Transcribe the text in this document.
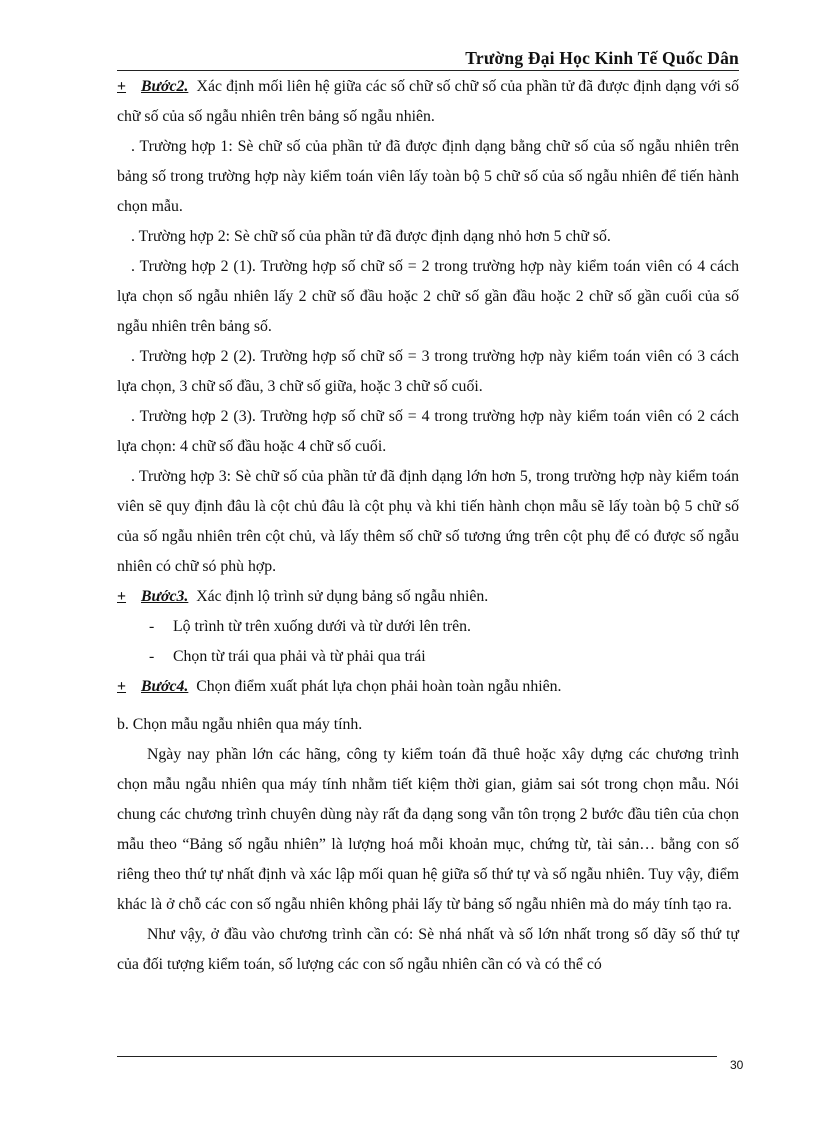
Trường Đại Học Kinh Tế Quốc Dân

+ Bước2. Xác định mối liên hệ giữa các số chữ số chữ số của phần tử đã được định dạng với số chữ số của số ngẫu nhiên trên bảng số ngẫu nhiên.

. Trường hợp 1: Sè chữ số của phần tử đã được định dạng bằng chữ số của số ngẫu nhiên trên bảng số trong trường hợp này kiểm toán viên lấy toàn bộ 5 chữ số của số ngẫu nhiên để tiến hành chọn mẫu.

. Trường hợp 2: Sè chữ số của phần tử đã được định dạng nhỏ hơn 5 chữ số.

. Trường hợp 2 (1). Trường hợp số chữ số = 2 trong trường hợp này kiểm toán viên có 4 cách lựa chọn số ngẫu nhiên lấy 2 chữ số đầu hoặc 2 chữ số gần đầu hoặc 2 chữ số gần cuối của số ngẫu nhiên trên bảng số.

. Trường hợp 2 (2). Trường hợp số chữ số = 3 trong trường hợp này kiểm toán viên có 3 cách lựa chọn, 3 chữ số đầu, 3 chữ số giữa, hoặc 3 chữ số cuối.

. Trường hợp 2 (3). Trường hợp số chữ số = 4 trong trường hợp này kiểm toán viên có 2 cách lựa chọn: 4 chữ số đầu hoặc 4 chữ số cuối.

. Trường hợp 3: Sè chữ số của phần tử đã định dạng lớn hơn 5, trong trường hợp này kiểm toán viên sẽ quy định đâu là cột chủ đâu là cột phụ và khi tiến hành chọn mẫu sẽ lấy toàn bộ 5 chữ số của số ngẫu nhiên trên cột chủ, và lấy thêm số chữ số tương ứng trên cột phụ để có được số ngẫu nhiên có chữ só phù hợp.

+ Bước3. Xác định lộ trình sử dụng bảng số ngẫu nhiên.

- Lộ trình từ trên xuống dưới và từ dưới lên trên.

- Chọn từ trái qua phải và từ phải qua trái

+ Bước4. Chọn điểm xuất phát lựa chọn phải hoàn toàn ngẫu nhiên.

b. Chọn mẫu ngẫu nhiên qua máy tính.

Ngày nay phần lớn các hãng, công ty kiểm toán đã thuê hoặc xây dựng các chương trình chọn mẫu ngẫu nhiên qua máy tính nhằm tiết kiệm thời gian, giảm sai sót trong chọn mẫu. Nói chung các chương trình chuyên dùng này rất đa dạng song vẫn tôn trọng 2 bước đầu tiên của chọn mẫu theo “Bảng số ngẫu nhiên” là lượng hoá mỗi khoản mục, chứng từ, tài sản… bằng con số riêng theo thứ tự nhất định và xác lập mối quan hệ giữa số thứ tự và số ngẫu nhiên. Tuy vậy, điểm khác là ở chỗ các con số ngẫu nhiên không phải lấy từ bảng số ngẫu nhiên mà do máy tính tạo ra.

Như vậy, ở đầu vào chương trình cần có: Sè nhá nhất và số lớn nhất trong số dãy số thứ tự của đối tượng kiểm toán, số lượng các con số ngẫu nhiên cần có và có thể có

30
